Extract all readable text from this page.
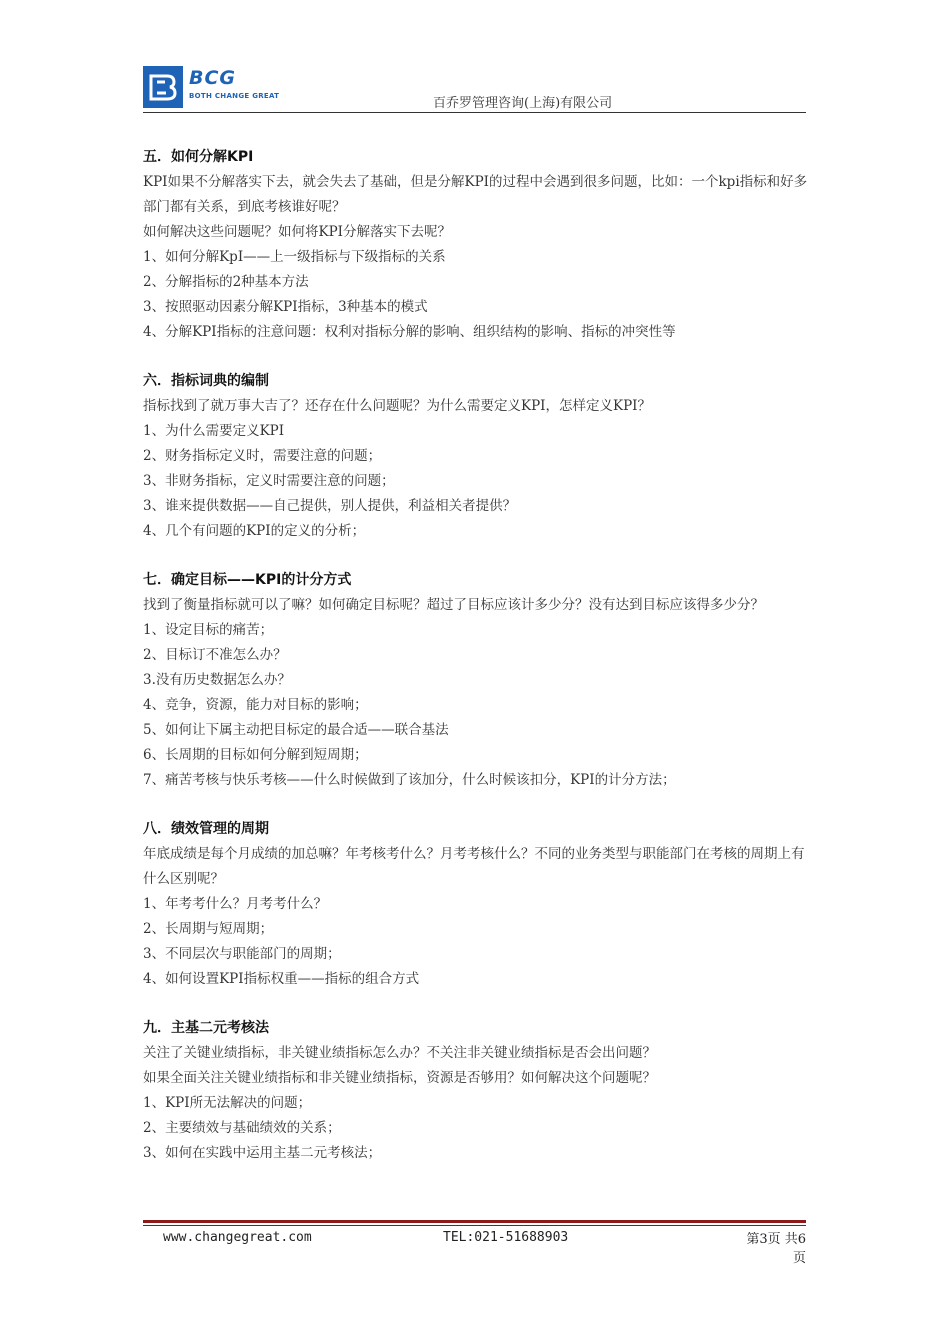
BCG
BOTH CHANGE GREAT	百乔罗管理咨询(上海)有限公司
五．如何分解KPI
KPI如果不分解落实下去，就会失去了基础，但是分解KPI的过程中会遇到很多问题，比如：一个kpi指标和好多部门都有关系，到底考核谁好呢？
如何解决这些问题呢？如何将KPI分解落实下去呢？
1、如何分解KpI——上一级指标与下级指标的关系
2、分解指标的2种基本方法
3、按照驱动因素分解KPI指标，3种基本的模式
4、分解KPI指标的注意问题：权利对指标分解的影响、组织结构的影响、指标的冲突性等
六．指标词典的编制
指标找到了就万事大吉了？还存在什么问题呢？为什么需要定义KPI，怎样定义KPI？
1、为什么需要定义KPI
2、财务指标定义时，需要注意的问题；
3、非财务指标，定义时需要注意的问题；
3、谁来提供数据——自己提供，别人提供，利益相关者提供？
4、几个有问题的KPI的定义的分析；
七．确定目标——KPI的计分方式
找到了衡量指标就可以了嘛？如何确定目标呢？超过了目标应该计多少分？没有达到目标应该得多少分？
1、设定目标的痛苦；
2、目标订不准怎么办？
3.没有历史数据怎么办？
4、竞争，资源，能力对目标的影响；
5、如何让下属主动把目标定的最合适——联合基法
6、长周期的目标如何分解到短周期；
7、痛苦考核与快乐考核——什么时候做到了该加分，什么时候该扣分，KPI的计分方法；
八．绩效管理的周期
年底成绩是每个月成绩的加总嘛？年考核考什么？月考考核什么？不同的业务类型与职能部门在考核的周期上有什么区别呢？
1、年考考什么？月考考什么？
2、长周期与短周期；
3、不同层次与职能部门的周期；
4、如何设置KPI指标权重——指标的组合方式
九．主基二元考核法
关注了关键业绩指标，非关键业绩指标怎么办？不关注非关键业绩指标是否会出问题？
如果全面关注关键业绩指标和非关键业绩指标，资源是否够用？如何解决这个问题呢？
1、KPI所无法解决的问题；
2、主要绩效与基础绩效的关系；
3、如何在实践中运用主基二元考核法；
www.changegreat.com	TEL:021-51688903	第3页 共6
页
